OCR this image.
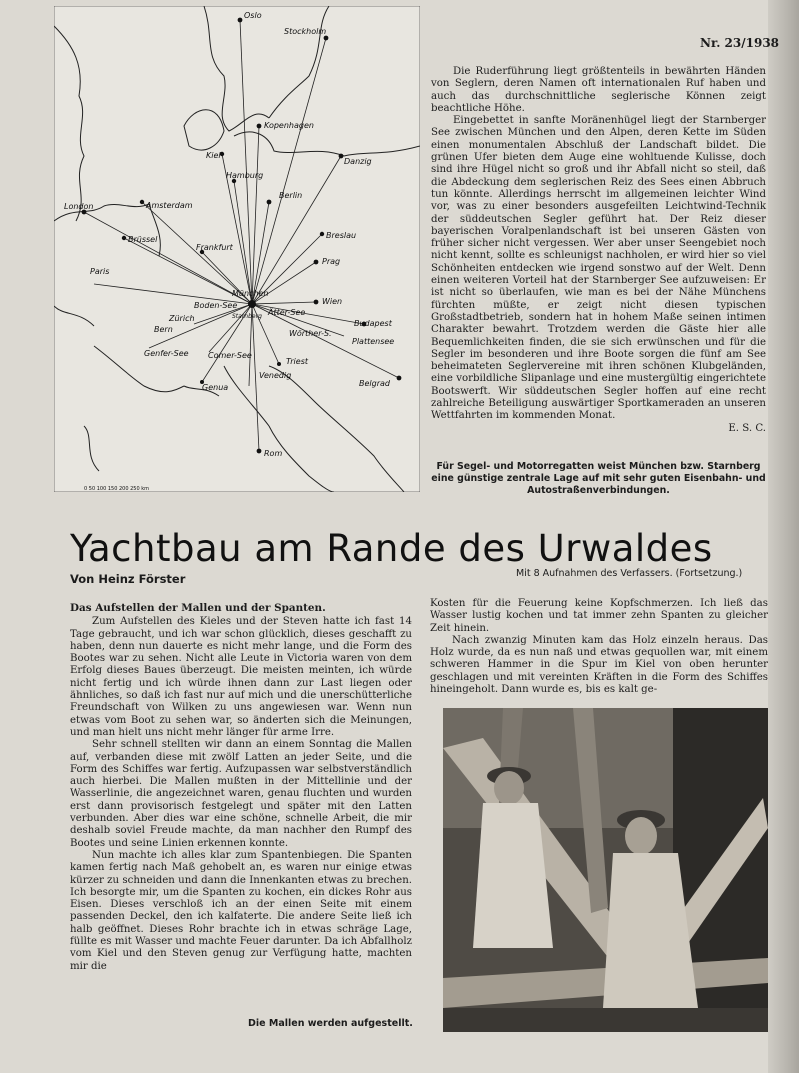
Nr. 23/1938
Oslo
Stockholm
Kopenhagen
Kiel
Danzig
Hamburg
London	Amsterdam
Berlin
Brüssel
Frankfurt
Breslau
Prag
Paris
München
Boden-See
Zürich	Starnberg Ätter-See
Wien
Bern
Budapest
Wörther-S.
Plattensee
Genfer-See Comer-See
Triest
Venedig
Genua	Belgrad
Rom
0 50 100 150 200 250 km

Die Ruderführung liegt größtenteils in bewährten Händen von Seglern, deren Namen oft internationalen Ruf haben und auch das durchschnittliche seglerische Können zeigt beachtliche Höhe.

Eingebettet in sanfte Moränenhügel liegt der Starnberger See zwischen München und den Alpen, deren Kette im Süden einen monumentalen Abschluß der Landschaft bildet. Die grünen Ufer bieten dem Auge eine wohltuende Kulisse, doch sind ihre Hügel nicht so groß und ihr Abfall nicht so steil, daß die Abdeckung dem seglerischen Reiz des Sees einen Abbruch tun könnte. Allerdings herrscht im allgemeinen leichter Wind vor, was zu einer besonders ausgefeilten Leichtwind-Technik der süddeutschen Segler geführt hat. Der Reiz dieser bayerischen Voralpenlandschaft ist bei unseren Gästen von früher sicher nicht vergessen. Wer aber unser Seengebiet noch nicht kennt, sollte es schleunigst nachholen, er wird hier so viel Schönheiten entdecken wie irgend sonstwo auf der Welt. Denn einen weiteren Vorteil hat der Starnberger See aufzuweisen: Er ist nicht so überlaufen, wie man es bei der Nähe Münchens fürchten müßte, er zeigt nicht diesen typischen Großstadtbetrieb, sondern hat in hohem Maße seinen intimen Charakter bewahrt. Trotzdem werden die Gäste hier alle Bequemlichkeiten finden, die sie sich erwünschen und für die Segler im besonderen und ihre Boote sorgen die fünf am See beheimateten Seglervereine mit ihren schönen Klubgeländen, eine vorbildliche Slipanlage und eine mustergültig eingerichtete Bootswerft. Wir süddeutschen Segler hoffen auf eine recht zahlreiche Beteiligung auswärtiger Sportkameraden an unseren Wettfahrten im kommenden Monat.

E. S. C.
Für Segel- und Motorregatten weist München bzw. Starnberg eine günstige zentrale Lage auf mit sehr guten Eisenbahn- und Autostraßenverbindungen.
Yachtbau am Rande des Urwaldes
Von Heinz Förster	Mit 8 Aufnahmen des Verfassers. (Fortsetzung.)

Das Aufstellen der Mallen und der Spanten.

Zum Aufstellen des Kieles und der Steven hatte ich fast 14 Tage gebraucht, und ich war schon glücklich, dieses geschafft zu haben, denn nun dauerte es nicht mehr lange, und die Form des Bootes war zu sehen. Nicht alle Leute in Victoria waren von dem Erfolg dieses Baues überzeugt. Die meisten meinten, ich würde nicht fertig und ich würde ihnen dann zur Last liegen oder ähnliches, so daß ich fast nur auf mich und die unerschütterliche Freundschaft von Wilken zu uns angewiesen war. Wenn nun etwas vom Boot zu sehen war, so änderten sich die Meinungen, und man hielt uns nicht mehr länger für arme Irre.

Sehr schnell stellten wir dann an einem Sonntag die Mallen auf, verbanden diese mit zwölf Latten an jeder Seite, und die Form des Schiffes war fertig. Aufzupassen war selbstverständlich auch hierbei. Die Mallen mußten in der Mittellinie und der Wasserlinie, die angezeichnet waren, genau fluchten und wurden erst dann provisorisch festgelegt und später mit den Latten verbunden. Aber dies war eine schöne, schnelle Arbeit, die mir deshalb soviel Freude machte, da man nachher den Rumpf des Bootes und seine Linien erkennen konnte.

Nun machte ich alles klar zum Spantenbiegen. Die Spanten kamen fertig nach Maß gehobelt an, es waren nur einige etwas kürzer zu schneiden und dann die Innenkanten etwas zu brechen. Ich besorgte mir, um die Spanten zu kochen, ein dickes Rohr aus Eisen. Dieses verschloß ich an der einen Seite mit einem passenden Deckel, den ich kalfaterte. Die andere Seite ließ ich halb geöffnet. Dieses Rohr brachte ich in etwas schräge Lage, füllte es mit Wasser und machte Feuer darunter. Da ich Abfallholz vom Kiel und den Steven genug zur Verfügung hatte, machten mir die

Kosten für die Feuerung keine Kopfschmerzen. Ich ließ das Wasser lustig kochen und tat immer zehn Spanten zu gleicher Zeit hinein.

Nach zwanzig Minuten kam das Holz einzeln heraus. Das Holz wurde, da es nun naß und etwas gequollen war, mit einem schweren Hammer in die Spur im Kiel von oben herunter geschlagen und mit vereinten Kräften in die Form des Schiffes hineingeholt. Dann wurde es, bis es kalt ge-

Die Mallen werden aufgestellt.
